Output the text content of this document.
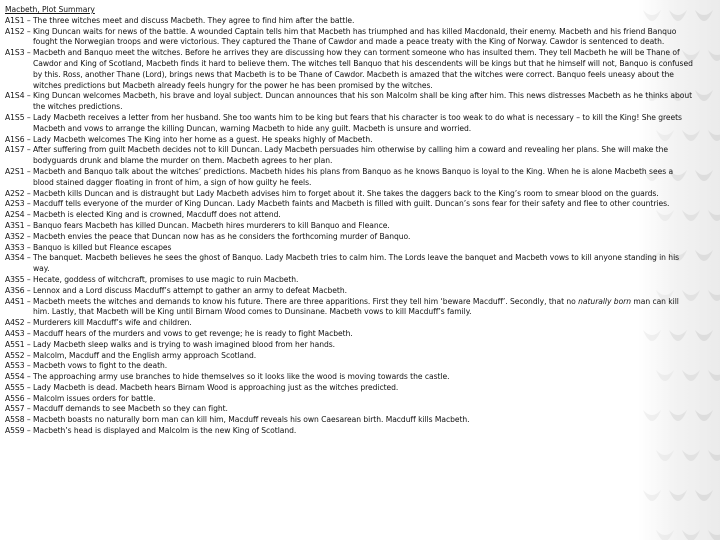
Macbeth, Plot Summary
A1S1 – The three witches meet and discuss Macbeth. They agree to find him after the battle.
A1S2 – King Duncan waits for news of the battle. A wounded Captain tells him that Macbeth has triumphed and has killed Macdonald, their enemy. Macbeth and his friend Banquo fought the Norwegian troops and were victorious. They captured the Thane of Cawdor and made a peace treaty with the King of Norway. Cawdor is sentenced to death.
A1S3 – Macbeth and Banquo meet the witches. Before he arrives they are discussing how they can torment someone who has insulted them. They tell Macbeth he will be Thane of Cawdor and King of Scotland, Macbeth finds it hard to believe them. The witches tell Banquo that his descendents will be kings but that he himself will not, Banquo is confused by this. Ross, another Thane (Lord), brings news that Macbeth is to be Thane of Cawdor. Macbeth is amazed that the witches were correct. Banquo feels uneasy about the witches predictions but Macbeth already feels hungry for the power he has been promised by the witches.
A1S4 – King Duncan welcomes Macbeth, his brave and loyal subject. Duncan announces that his son Malcolm shall be king after him. This news distresses Macbeth as he thinks about the witches predictions.
A1S5 – Lady Macbeth receives a letter from her husband. She too wants him to be king but fears that his character is too weak to do what is necessary – to kill the King! She greets Macbeth and vows to arrange the killing Duncan, warning Macbeth to hide any guilt. Macbeth is unsure and worried.
A1S6 – Lady Macbeth welcomes The King into her home as a guest. He speaks highly of Macbeth.
A1S7 – After suffering from guilt Macbeth decides not to kill Duncan. Lady Macbeth persuades him otherwise by calling him a coward and revealing her plans. She will make the bodyguards drunk and blame the murder on them. Macbeth agrees to her plan.
A2S1 – Macbeth and Banquo talk about the witches’ predictions. Macbeth hides his plans from Banquo as he knows Banquo is loyal to the King. When he is alone Macbeth sees a blood stained dagger floating in front of him, a sign of how guilty he feels.
A2S2 – Macbeth kills Duncan and is distraught but Lady Macbeth advises him to forget about it. She takes the daggers back to the King’s room to smear blood on the guards.
A2S3 – Macduff tells everyone of the murder of King Duncan. Lady Macbeth faints and Macbeth is filled with guilt. Duncan’s sons fear for their safety and flee to other countries.
A2S4 – Macbeth is elected King and is crowned, Macduff does not attend.
A3S1 – Banquo fears Macbeth has killed Duncan. Macbeth hires murderers to kill Banquo and Fleance.
A3S2 – Macbeth envies the peace that Duncan now has as he considers the forthcoming murder of Banquo.
A3S3 – Banquo is killed but Fleance escapes
A3S4 – The banquet. Macbeth believes he sees the ghost of Banquo. Lady Macbeth tries to calm him. The Lords leave the banquet and Macbeth vows to kill anyone standing in his way.
A3S5 – Hecate, goddess of witchcraft, promises to use magic to ruin Macbeth.
A3S6 – Lennox and a Lord discuss Macduff’s attempt to gather an army to defeat Macbeth.
A4S1 – Macbeth meets the witches and demands to know his future. There are three apparitions. First they tell him ‘beware Macduff’. Secondly, that no naturally born man can kill him. Lastly, that Macbeth will be King until Birnam Wood comes to Dunsinane. Macbeth vows to kill Macduff’s family.
A4S2 – Murderers kill Macduff’s wife and children.
A4S3 – Macduff hears of the murders and vows to get revenge; he is ready to fight Macbeth.
A5S1 – Lady Macbeth sleep walks and is trying to wash imagined blood from her hands.
A5S2 – Malcolm, Macduff and the English army approach Scotland.
A5S3 – Macbeth vows to fight to the death.
A5S4 – The approaching army use branches to hide themselves so it looks like the wood is moving towards the castle.
A5S5 – Lady Macbeth is dead. Macbeth hears Birnam Wood is approaching just as the witches predicted.
A5S6 – Malcolm issues orders for battle.
A5S7 – Macduff demands to see Macbeth so they can fight.
A5S8 – Macbeth boasts no naturally born man can kill him, Macduff reveals his own Caesarean birth. Macduff kills Macbeth.
A5S9 – Macbeth’s head is displayed and Malcolm is the new King of Scotland.
